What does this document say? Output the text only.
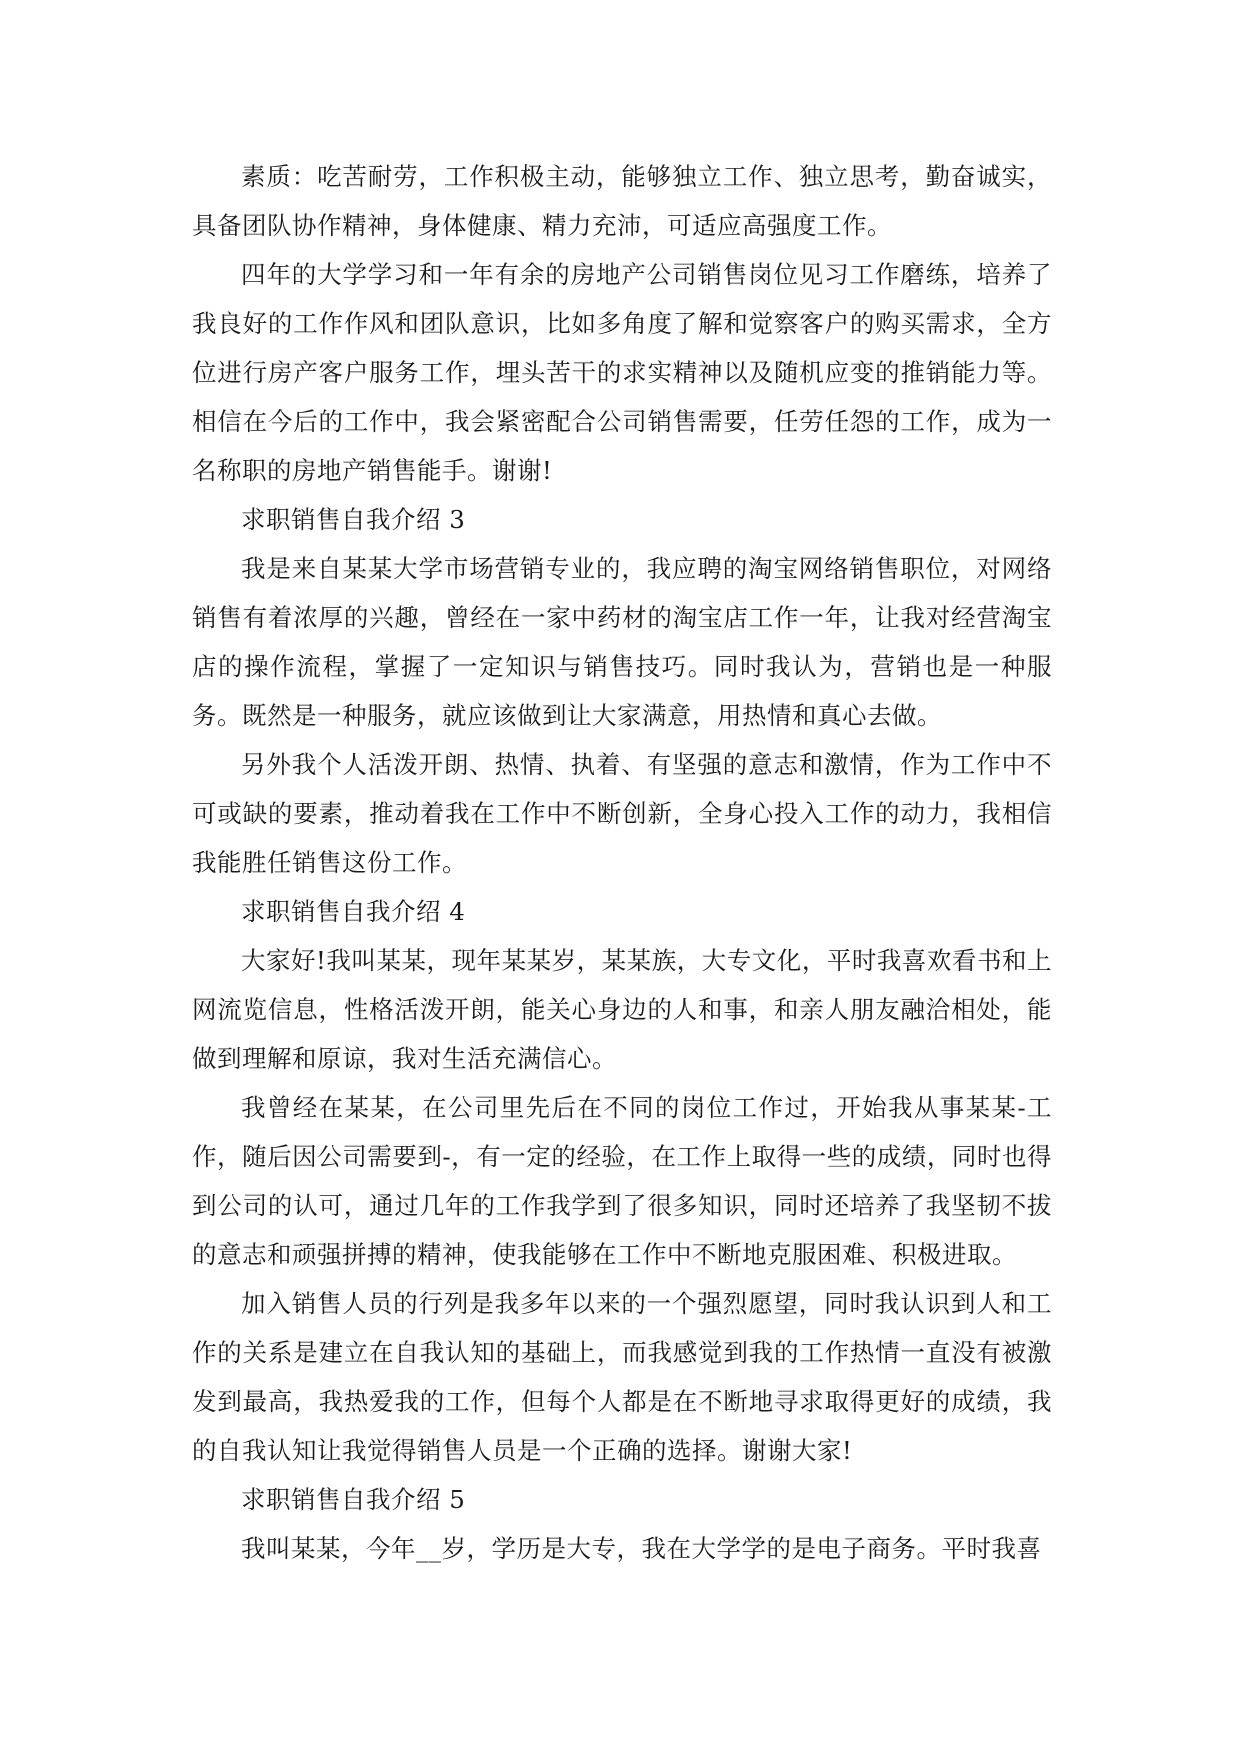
素质：吃苦耐劳，工作积极主动，能够独立工作、独立思考，勤奋诚实，具备团队协作精神，身体健康、精力充沛，可适应高强度工作。

四年的大学学习和一年有余的房地产公司销售岗位见习工作磨练，培养了我良好的工作作风和团队意识，比如多角度了解和觉察客户的购买需求，全方位进行房产客户服务工作，埋头苦干的求实精神以及随机应变的推销能力等。相信在今后的工作中，我会紧密配合公司销售需要，任劳任怨的工作，成为一名称职的房地产销售能手。谢谢!

求职销售自我介绍 3

我是来自某某大学市场营销专业的，我应聘的淘宝网络销售职位，对网络销售有着浓厚的兴趣，曾经在一家中药材的淘宝店工作一年，让我对经营淘宝店的操作流程，掌握了一定知识与销售技巧。同时我认为，营销也是一种服务。既然是一种服务，就应该做到让大家满意，用热情和真心去做。

另外我个人活泼开朗、热情、执着、有坚强的意志和激情，作为工作中不可或缺的要素，推动着我在工作中不断创新，全身心投入工作的动力，我相信我能胜任销售这份工作。

求职销售自我介绍 4

大家好!我叫某某，现年某某岁，某某族，大专文化，平时我喜欢看书和上网流览信息，性格活泼开朗，能关心身边的人和事，和亲人朋友融洽相处，能做到理解和原谅，我对生活充满信心。

我曾经在某某，在公司里先后在不同的岗位工作过，开始我从事某某-工作，随后因公司需要到-，有一定的经验，在工作上取得一些的成绩，同时也得到公司的认可，通过几年的工作我学到了很多知识，同时还培养了我坚韧不拔的意志和顽强拼搏的精神，使我能够在工作中不断地克服困难、积极进取。

加入销售人员的行列是我多年以来的一个强烈愿望，同时我认识到人和工作的关系是建立在自我认知的基础上，而我感觉到我的工作热情一直没有被激发到最高，我热爱我的工作，但每个人都是在不断地寻求取得更好的成绩，我的自我认知让我觉得销售人员是一个正确的选择。谢谢大家!

求职销售自我介绍 5

我叫某某，今年__岁，学历是大专，我在大学学的是电子商务。平时我喜
